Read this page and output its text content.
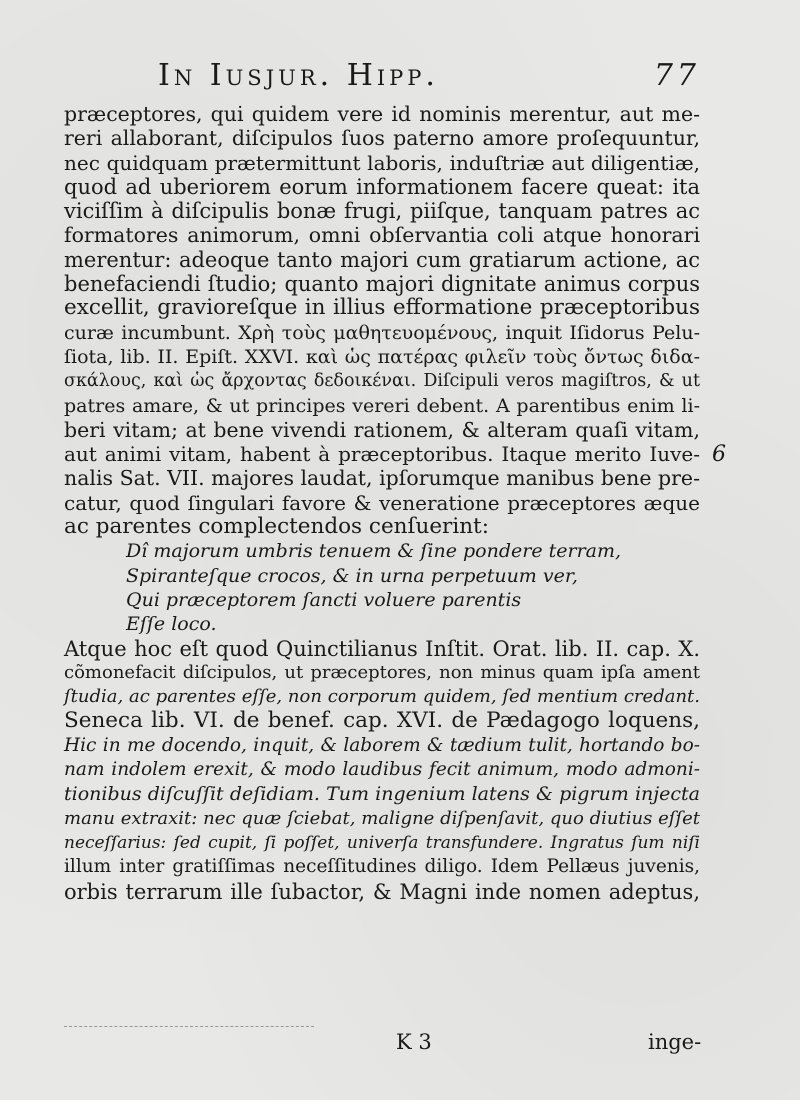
In Iusjur. Hipp.	77
præceptores, qui quidem vere id nominis merentur, aut me-
reri allaborant, diſcipulos ſuos paterno amore proſequuntur,
nec quidquam prætermittunt laboris, induſtriæ aut diligentiæ,
quod ad uberiorem eorum informationem facere queat: ita
viciſſim à diſcipulis bonæ frugi, piiſque, tanquam patres ac
formatores animorum, omni obſervantia coli atque honorari
merentur: adeoque tanto majori cum gratiarum actione, ac
benefaciendi ſtudio; quanto majori dignitate animus corpus
excellit, gravioreſque in illius efformatione præceptoribus
curæ incumbunt. Χρὴ τοὺς μαθητευομένους, inquit Iſidorus Pelu-
ſiota, lib. II. Epiſt. XXVI. καὶ ὡς πατέρας φιλεῖν τοὺς ὄντως διδα-
σκάλους, καὶ ὡς ἄρχοντας δεδοικέναι. Diſcipuli veros magiſtros, & ut
patres amare, & ut principes vereri debent. A parentibus enim li-
beri vitam; at bene vivendi rationem, & alteram quaſi vitam,
aut animi vitam, habent à præceptoribus. Itaque merito Iuve-
nalis Sat. VII. majores laudat, ipſorumque manibus bene pre-
catur, quod ſingulari favore & veneratione præceptores æque
ac parentes complectendos cenſuerint:
Dî majorum umbris tenuem & ſine pondere terram,
Spiranteſque crocos, & in urna perpetuum ver,
Qui præceptorem ſancti voluere parentis
Eſſe loco.
Atque hoc eſt quod Quinctilianus Inſtit. Orat. lib. II. cap. X.
cõmonefacit diſcipulos, ut præceptores, non minus quam ipſa ament
ſtudia, ac parentes eſſe, non corporum quidem, ſed mentium credant.
Seneca lib. VI. de benef. cap. XVI. de Pædagogo loquens,
Hic in me docendo, inquit, & laborem & tædium tulit, hortando bo-
nam indolem erexit, & modo laudibus fecit animum, modo admoni-
tionibus diſcuſſit deſidiam. Tum ingenium latens & pigrum injecta
manu extraxit: nec quæ ſciebat, maligne diſpenſavit, quo diutius eſſet
neceſſarius: ſed cupit, ſi poſſet, univerſa transfundere. Ingratus ſum niſi
illum inter gratiſſimas neceſſitudines diligo. Idem Pellæus juvenis,
orbis terrarum ille ſubactor, & Magni inde nomen adeptus,
6
K 3	inge-
